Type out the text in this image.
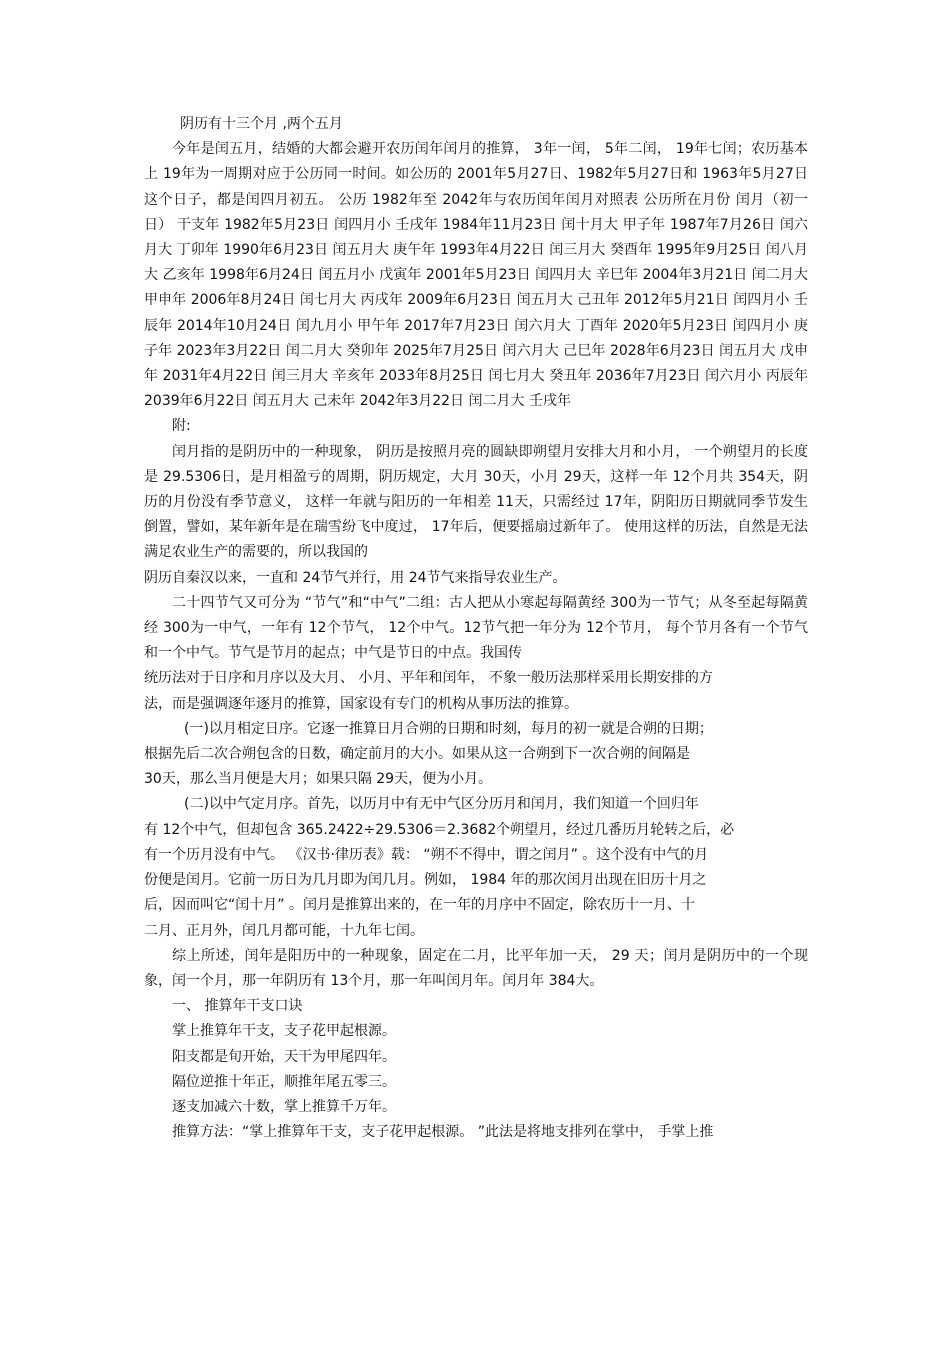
阴历有十三个月 ,两个五月

今年是闰五月，结婚的大都会避开农历闰年闰月的推算， 3年一闰， 5年二闰， 19年七闰；农历基本上 19年为一周期对应于公历同一时间。如公历的 2001年5月27日、1982年5月27日和 1963年5月27日这个日子，都是闰四月初五。 公历 1982年至 2042年与农历闰年闰月对照表 公历所在月份 闰月（初一日） 干支年 1982年5月23日 闰四月小 壬戌年 1984年11月23日 闰十月大 甲子年 1987年7月26日 闰六月大 丁卯年 1990年6月23日 闰五月大 庚午年 1993年4月22日 闰三月大 癸酉年 1995年9月25日 闰八月大 乙亥年 1998年6月24日 闰五月小 戊寅年 2001年5月23日 闰四月大 辛巳年 2004年3月21日 闰二月大 甲申年 2006年8月24日 闰七月大 丙戌年 2009年6月23日 闰五月大 己丑年 2012年5月21日 闰四月小 壬辰年 2014年10月24日 闰九月小 甲午年 2017年7月23日 闰六月大 丁酉年 2020年5月23日 闰四月小 庚子年 2023年3月22日 闰二月大 癸卯年 2025年7月25日 闰六月大 己巳年 2028年6月23日 闰五月大 戊申年 2031年4月22日 闰三月大 辛亥年 2033年8月25日 闰七月大 癸丑年 2036年7月23日 闰六月小 丙辰年 2039年6月22日 闰五月大 己未年 2042年3月22日 闰二月大 壬戌年

附:

闰月指的是阴历中的一种现象， 阴历是按照月亮的圆缺即朔望月安排大月和小月， 一个朔望月的长度是 29.5306日，是月相盈亏的周期，阴历规定，大月 30天，小月 29天，这样一年 12个月共 354天，阴历的月份没有季节意义， 这样一年就与阳历的一年相差 11天，只需经过 17年，阴阳历日期就同季节发生倒置，譬如，某年新年是在瑞雪纷飞中度过， 17年后，便要摇扇过新年了。 使用这样的历法，自然是无法满足农业生产的需要的，所以我国的

阴历自秦汉以来，一直和 24节气并行，用 24节气来指导农业生产。

二十四节气又可分为 “节气”和“中气”二组：古人把从小寒起每隔黄经 300为一节气；从冬至起每隔黄经 300为一中气，一年有 12个节气， 12个中气。12节气把一年分为 12个节月， 每个节月各有一个节气和一个中气。节气是节月的起点；中气是节日的中点。我国传

统历法对于日序和月序以及大月、 小月、平年和闰年， 不象一般历法那样采用长期安排的方

法，而是强调逐年逐月的推算，国家设有专门的机构从事历法的推算。

(一)以月相定日序。它逐一推算日月合朔的日期和时刻，每月的初一就是合朔的日期；

根据先后二次合朔包含的日数，确定前月的大小。如果从这一合朔到下一次合朔的间隔是

30天，那么当月便是大月；如果只隔 29天，便为小月。

(二)以中气定月序。首先，以历月中有无中气区分历月和闰月，我们知道一个回归年

有 12个中气，但却包含 365.2422÷29.5306＝2.3682个朔望月，经过几番历月轮转之后，必

有一个历月没有中气。 《汉书·律历表》载： “朔不不得中，谓之闰月” 。这个没有中气的月

份便是闰月。它前一历日为几月即为闰几月。例如， 1984 年的那次闰月出现在旧历十月之

后，因而叫它“闰十月” 。闰月是推算出来的，在一年的月序中不固定，除农历十一月、十

二月、正月外，闰几月都可能，十九年七闰。

综上所述，闰年是阳历中的一种现象，固定在二月，比平年加一天， 29 天；闰月是阴历中的一个现象，闰一个月，那一年阴历有 13个月，那一年叫闰月年。闰月年 384大。

一、 推算年干支口诀

掌上推算年干支，支子花甲起根源。

阳支都是旬开始，天干为甲尾四年。

隔位逆推十年正，顺推年尾五零三。

逐支加减六十数，掌上推算千万年。

推算方法：“掌上推算年干支，支子花甲起根源。 ”此法是将地支排列在掌中， 手掌上推
